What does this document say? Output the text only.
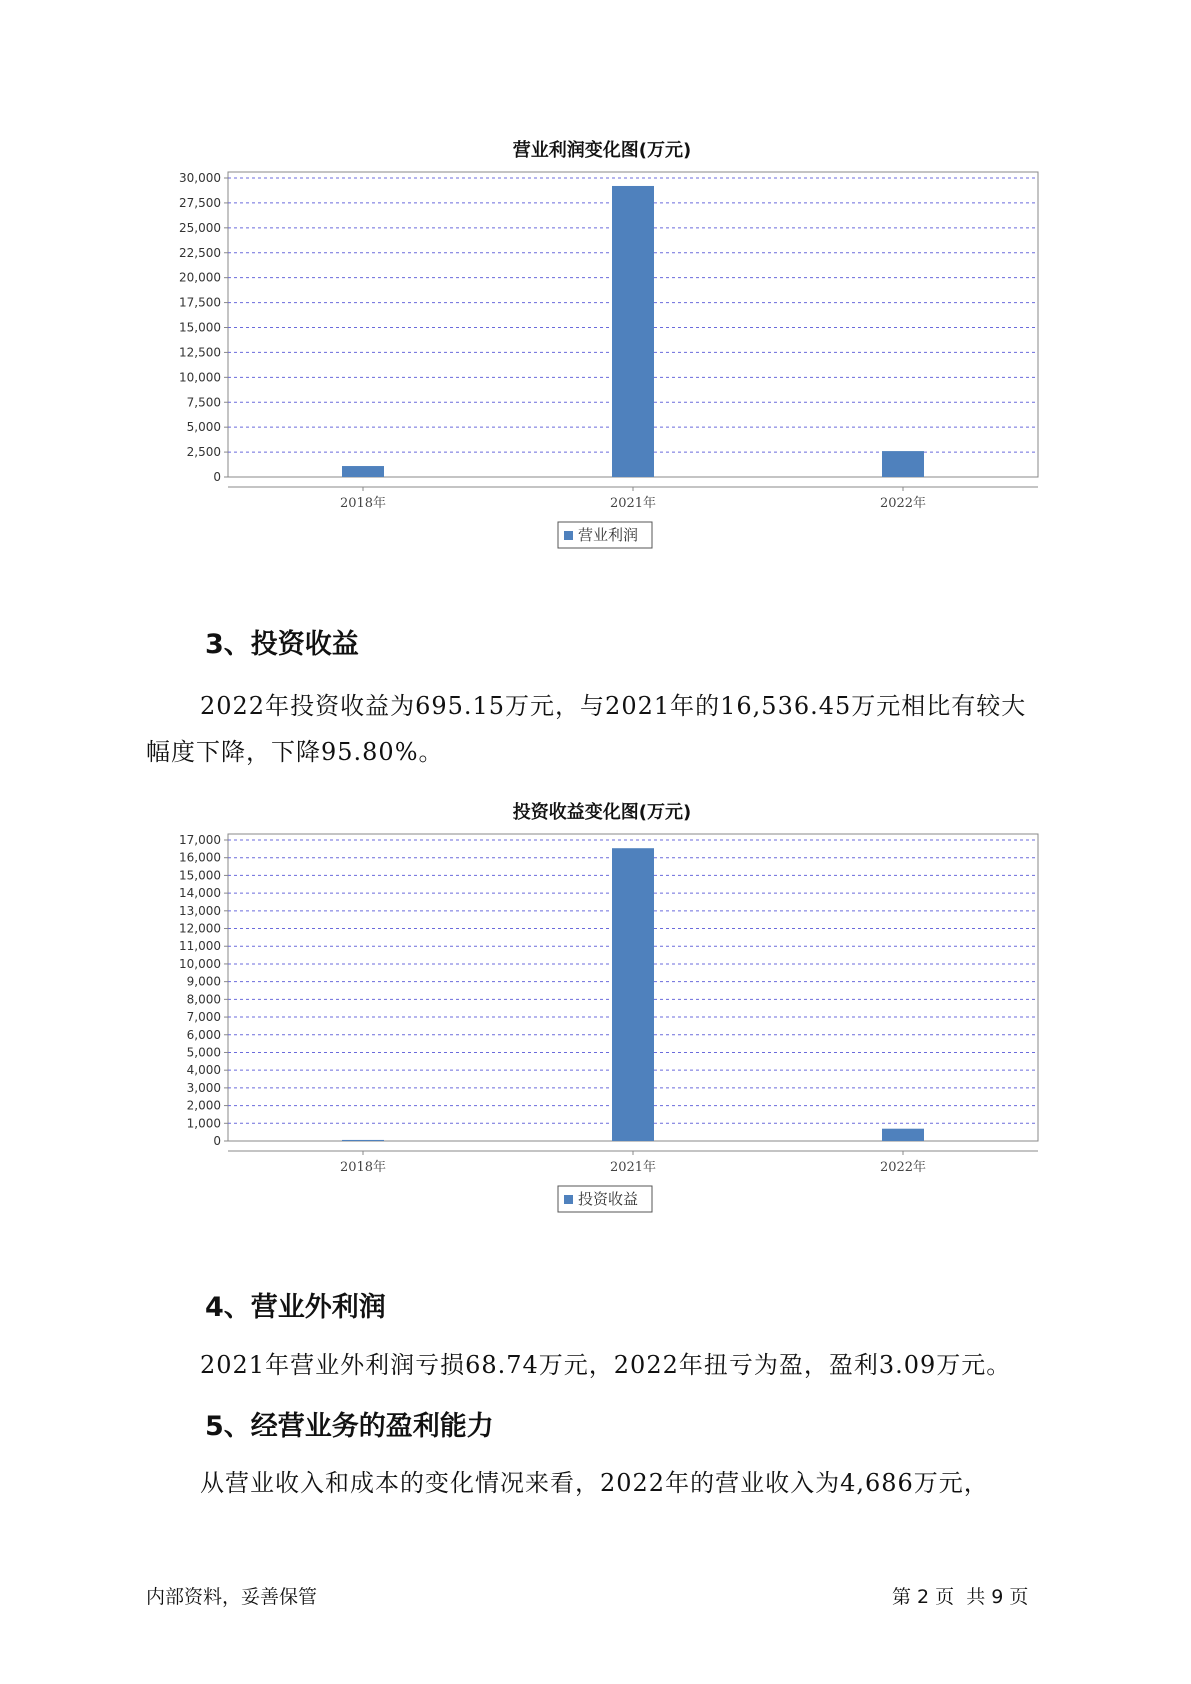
营业利润变化图(万元)
0
2,500
5,000
7,500
10,000
12,500
15,000
17,500
20,000
22,500
25,000
27,500
30,000
2018年	2021年	2022年
营业利润
3、投资收益
2022年投资收益为695.15万元，与2021年的16,536.45万元相比有较大
幅度下降，下降95.80%。
投资收益变化图(万元)
0
1,000
2,000
3,000
4,000
5,000
6,000
7,000
8,000
9,000
10,000
11,000
12,000
13,000
14,000
15,000
16,000
17,000
2018年	2021年	2022年
投资收益
4、营业外利润
2021年营业外利润亏损68.74万元，2022年扭亏为盈，盈利3.09万元。
5、经营业务的盈利能力
从营业收入和成本的变化情况来看，2022年的营业收入为4,686万元，
内部资料，妥善保管	第 2 页  共 9 页
